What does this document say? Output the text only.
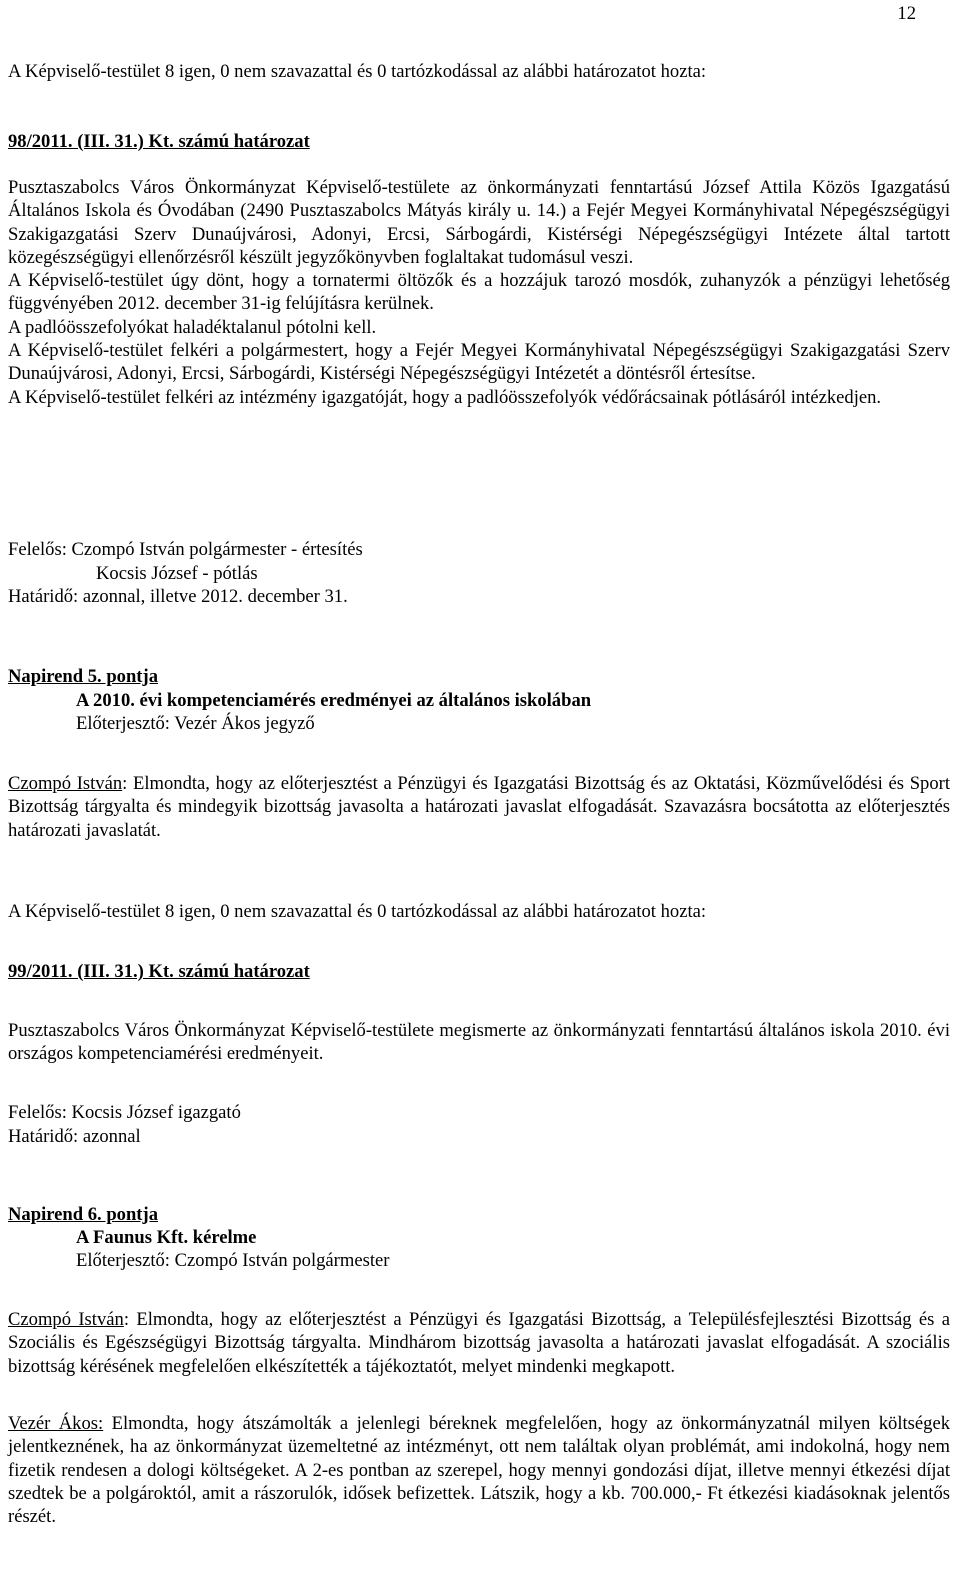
12

A Képviselő-testület 8 igen, 0 nem szavazattal és 0 tartózkodással az alábbi határozatot hozta:

98/2011. (III. 31.) Kt. számú határozat

Pusztaszabolcs Város Önkormányzat Képviselő-testülete az önkormányzati fenntartású József Attila Közös Igazgatású Általános Iskola és Óvodában (2490 Pusztaszabolcs Mátyás király u. 14.) a Fejér Megyei Kormányhivatal Népegészségügyi Szakigazgatási Szerv Dunaújvárosi, Adonyi, Ercsi, Sárbogárdi, Kistérségi Népegészségügyi Intézete által tartott közegészségügyi ellenőrzésről készült jegyzőkönyvben foglaltakat tudomásul veszi.

A Képviselő-testület úgy dönt, hogy a tornatermi öltözők és a hozzájuk tarozó mosdók, zuhanyzók a pénzügyi lehetőség függvényében 2012. december 31-ig felújításra kerülnek.

A padlóösszefolyókat haladéktalanul pótolni kell.

A Képviselő-testület felkéri a polgármestert, hogy a Fejér Megyei Kormányhivatal Népegészségügyi Szakigazgatási Szerv Dunaújvárosi, Adonyi, Ercsi, Sárbogárdi, Kistérségi Népegészségügyi Intézetét a döntésről értesítse.

A Képviselő-testület felkéri az intézmény igazgatóját, hogy a padlóösszefolyók védőrácsainak pótlásáról intézkedjen.

Felelős: Czompó István polgármester - értesítés

Kocsis József - pótlás

Határidő: azonnal, illetve 2012. december 31.

Napirend 5. pontja

A 2010. évi kompetenciamérés eredményei az általános iskolában

Előterjesztő: Vezér Ákos jegyző

Czompó István: Elmondta, hogy az előterjesztést a Pénzügyi és Igazgatási Bizottság és az Oktatási, Közművelődési és Sport Bizottság tárgyalta és mindegyik bizottság javasolta a határozati javaslat elfogadását. Szavazásra bocsátotta az előterjesztés határozati javaslatát.

A Képviselő-testület 8 igen, 0 nem szavazattal és 0 tartózkodással az alábbi határozatot hozta:

99/2011. (III. 31.) Kt. számú határozat

Pusztaszabolcs Város Önkormányzat Képviselő-testülete megismerte az önkormányzati fenntartású általános iskola 2010. évi országos kompetenciamérési eredményeit.

Felelős: Kocsis József igazgató

Határidő: azonnal

Napirend 6. pontja

A Faunus Kft. kérelme

Előterjesztő: Czompó István polgármester

Czompó István: Elmondta, hogy az előterjesztést a Pénzügyi és Igazgatási Bizottság, a Településfejlesztési Bizottság és a Szociális és Egészségügyi Bizottság tárgyalta. Mindhárom bizottság javasolta a határozati javaslat elfogadását. A szociális bizottság kérésének megfelelően elkészítették a tájékoztatót, melyet mindenki megkapott.

Vezér Ákos: Elmondta, hogy átszámolták a jelenlegi béreknek megfelelően, hogy az önkormányzatnál milyen költségek jelentkeznének, ha az önkormányzat üzemeltetné az intézményt, ott nem találtak olyan problémát, ami indokolná, hogy nem fizetik rendesen a dologi költségeket. A 2-es pontban az szerepel, hogy mennyi gondozási díjat, illetve mennyi étkezési díjat szedtek be a polgároktól, amit a rászorulók, idősek befizettek. Látszik, hogy a kb. 700.000,- Ft étkezési kiadásoknak jelentős részét.
